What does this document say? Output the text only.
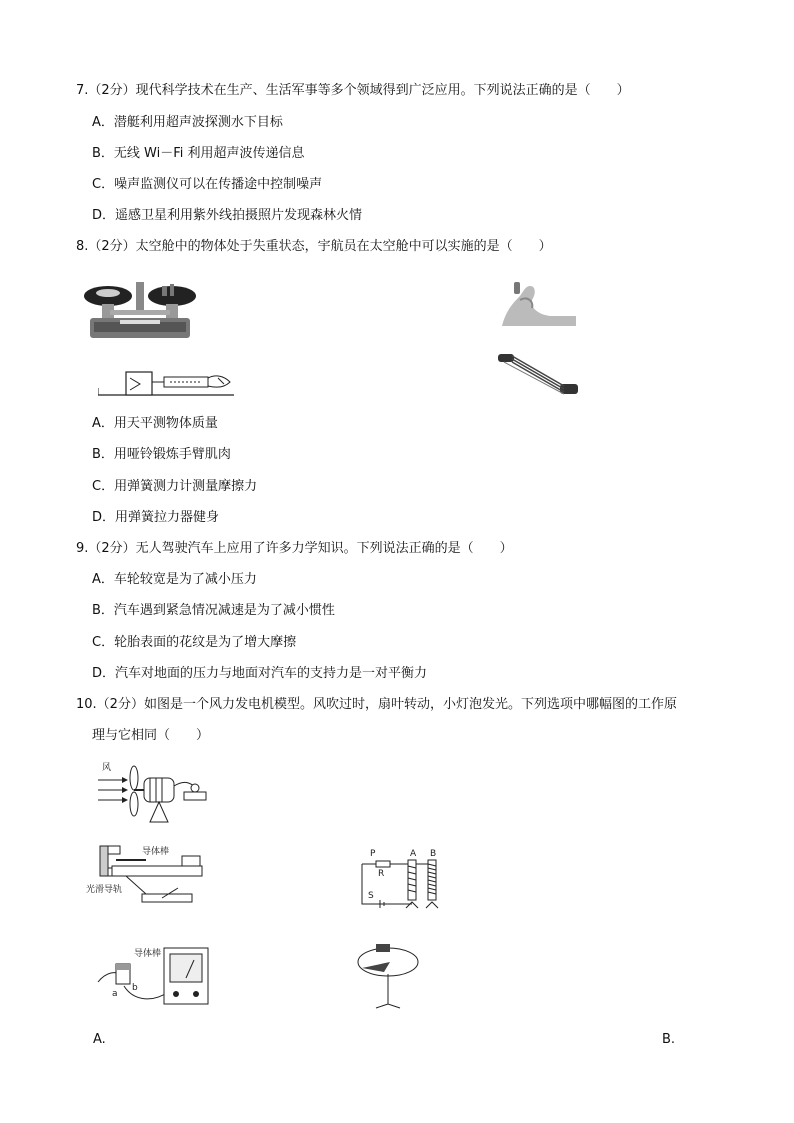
7.（2分）现代科学技术在生产、生活军事等多个领域得到广泛应用。下列说法正确的是（　　）
A．潜艇利用超声波探测水下目标
B．无线 Wi－Fi 利用超声波传递信息
C．噪声监测仪可以在传播途中控制噪声
D．遥感卫星利用紫外线拍摄照片发现森林火情
8.（2分）太空舱中的物体处于失重状态，宇航员在太空舱中可以实施的是（　　）
A．用天平测物体质量
B．用哑铃锻炼手臂肌肉
C．用弹簧测力计测量摩擦力
D．用弹簧拉力器健身
9.（2分）无人驾驶汽车上应用了许多力学知识。下列说法正确的是（　　）
A．车轮较宽是为了减小压力
B．汽车遇到紧急情况减速是为了减小惯性
C．轮胎表面的花纹是为了增大摩擦
D．汽车对地面的压力与地面对汽车的支持力是一对平衡力
10.（2分）如图是一个风力发电机模型。风吹过时，扇叶转动，小灯泡发光。下列选项中哪幅图的工作原
理与它相同（　　）
风
导体棒
光滑导轨
P
R
A B
S
导体棒
a
b
A.	B.
